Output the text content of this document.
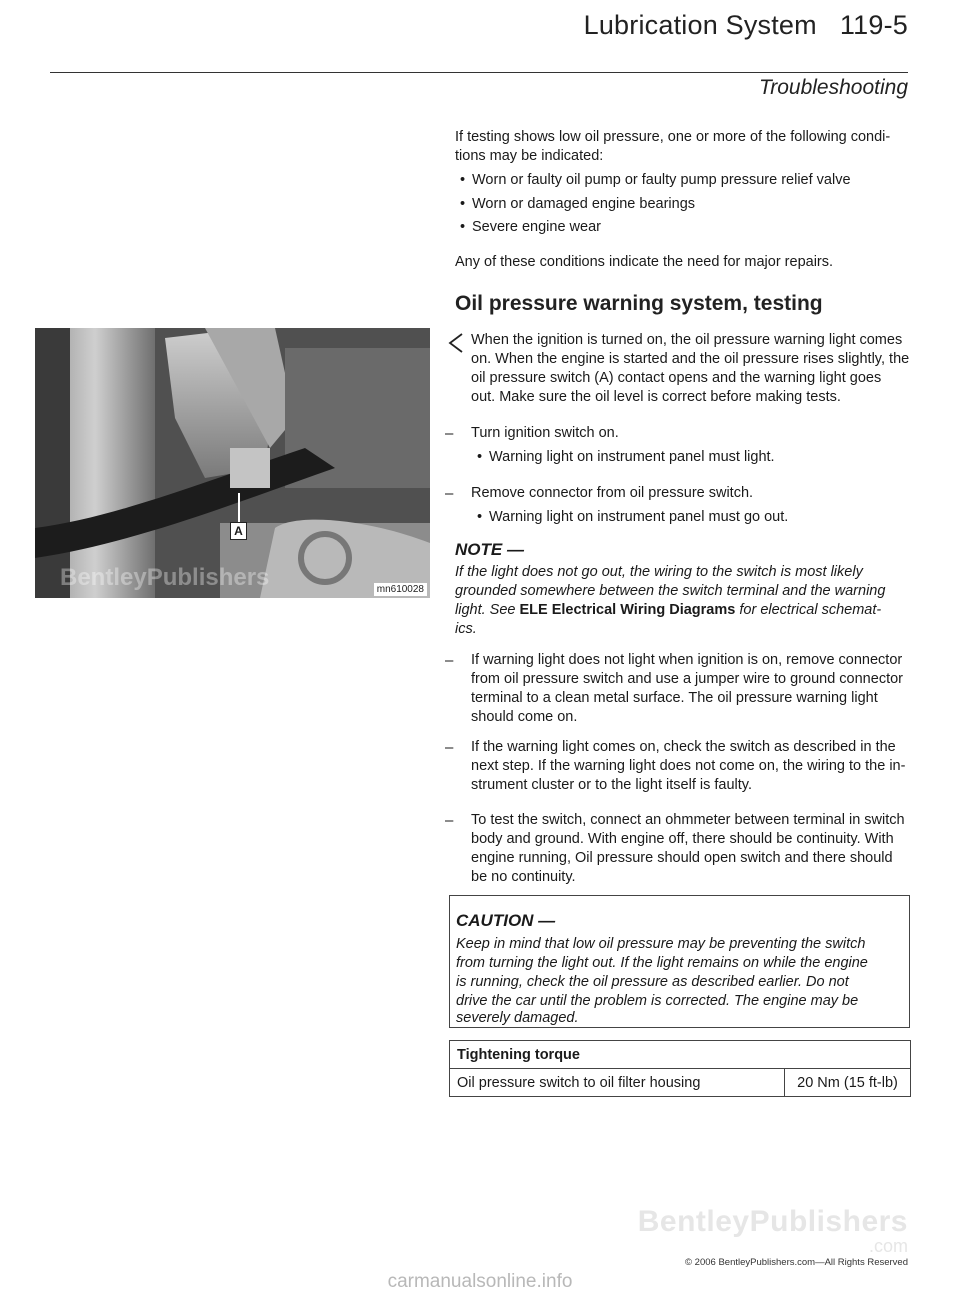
Lubrication System   119-5
Troubleshooting
If testing shows low oil pressure, one or more of the following condi-
tions may be indicated:
• Worn or faulty oil pump or faulty pump pressure relief valve
• Worn or damaged engine bearings
• Severe engine wear
Any of these conditions indicate the need for major repairs.
Oil pressure warning system, testing
A
BentleyPublishers	mn610028
When the ignition is turned on, the oil pressure warning light comes
on. When the engine is started and the oil pressure rises slightly, the
oil pressure switch (A) contact opens and the warning light goes
out. Make sure the oil level is correct before making tests.
– Turn ignition switch on.
• Warning light on instrument panel must light.
– Remove connector from oil pressure switch.
• Warning light on instrument panel must go out.
NOTE —
If the light does not go out, the wiring to the switch is most likely
grounded somewhere between the switch terminal and the warning
light. See ELE Electrical Wiring Diagrams for electrical schemat-
ics.
– If warning light does not light when ignition is on, remove connector
from oil pressure switch and use a jumper wire to ground connector
terminal to a clean metal surface. The oil pressure warning light
should come on.
– If the warning light comes on, check the switch as described in the
next step. If the warning light does not come on, the wiring to the in-
strument cluster or to the light itself is faulty.
– To test the switch, connect an ohmmeter between terminal in switch
body and ground. With engine off, there should be continuity. With
engine running, Oil pressure should open switch and there should
be no continuity.
CAUTION —
Keep in mind that low oil pressure may be preventing the switch
from turning the light out. If the light remains on while the engine
is running, check the oil pressure as described earlier. Do not
drive the car until the problem is corrected. The engine may be
severely damaged.
Tightening torque
Oil pressure switch to oil filter housing	20 Nm (15 ft-lb)
BentleyPublishers
.com
© 2006 BentleyPublishers.com—All Rights Reserved
carmanualsonline.info
